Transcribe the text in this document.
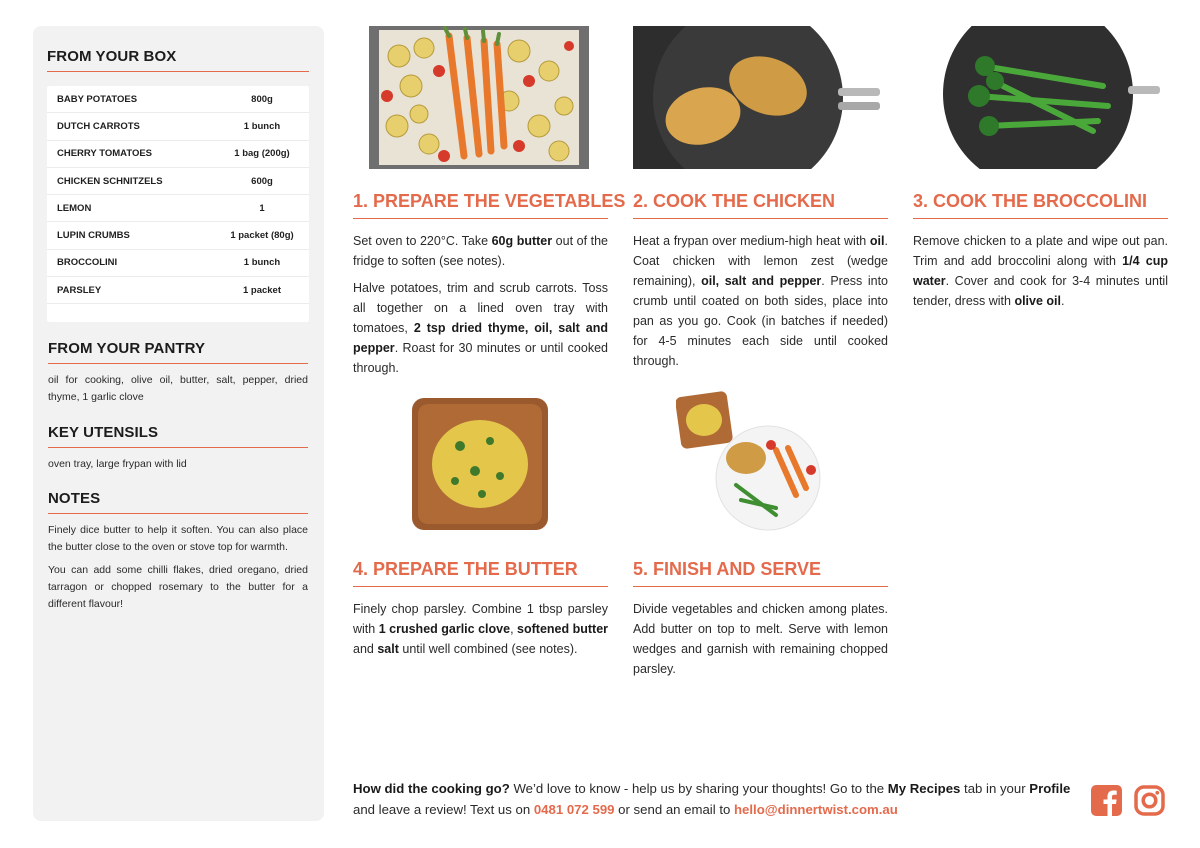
FROM YOUR BOX
BABY POTATOES	800g
DUTCH CARROTS	1 bunch
CHERRY TOMATOES	1 bag (200g)
CHICKEN SCHNITZELS	600g
LEMON	1
LUPIN CRUMBS	1 packet (80g)
BROCCOLINI	1 bunch
PARSLEY	1 packet
FROM YOUR PANTRY

oil for cooking, olive oil, butter, salt, pepper, dried thyme, 1 garlic clove

KEY UTENSILS

oven tray, large frypan with lid

NOTES

Finely dice butter to help it soften. You can also place the butter close to the oven or stove top for warmth.

You can add some chilli flakes, dried oregano, dried tarragon or chopped rosemary to the butter for a different flavour!

1. PREPARE THE VEGETABLES

Set oven to 220°C. Take 60g butter out of the fridge to soften (see notes).

Halve potatoes, trim and scrub carrots. Toss all together on a lined oven tray with tomatoes, 2 tsp dried thyme, oil, salt and pepper. Roast for 30 minutes or until cooked through.

2. COOK THE CHICKEN

Heat a frypan over medium-high heat with oil. Coat chicken with lemon zest (wedge remaining), oil, salt and pepper. Press into crumb until coated on both sides, place into pan as you go. Cook (in batches if needed) for 4-5 minutes each side until cooked through.

3. COOK THE BROCCOLINI

Remove chicken to a plate and wipe out pan. Trim and add broccolini along with 1/4 cup water. Cover and cook for 3-4 minutes until tender, dress with olive oil.

4. PREPARE THE BUTTER

Finely chop parsley. Combine 1 tbsp parsley with 1 crushed garlic clove, softened butter and salt until well combined (see notes).

5. FINISH AND SERVE

Divide vegetables and chicken among plates. Add butter on top to melt. Serve with lemon wedges and garnish with remaining chopped parsley.

How did the cooking go? We’d love to know - help us by sharing your thoughts! Go to the My Recipes tab in your Profile and leave a review! Text us on 0481 072 599 or send an email to hello@dinnertwist.com.au
